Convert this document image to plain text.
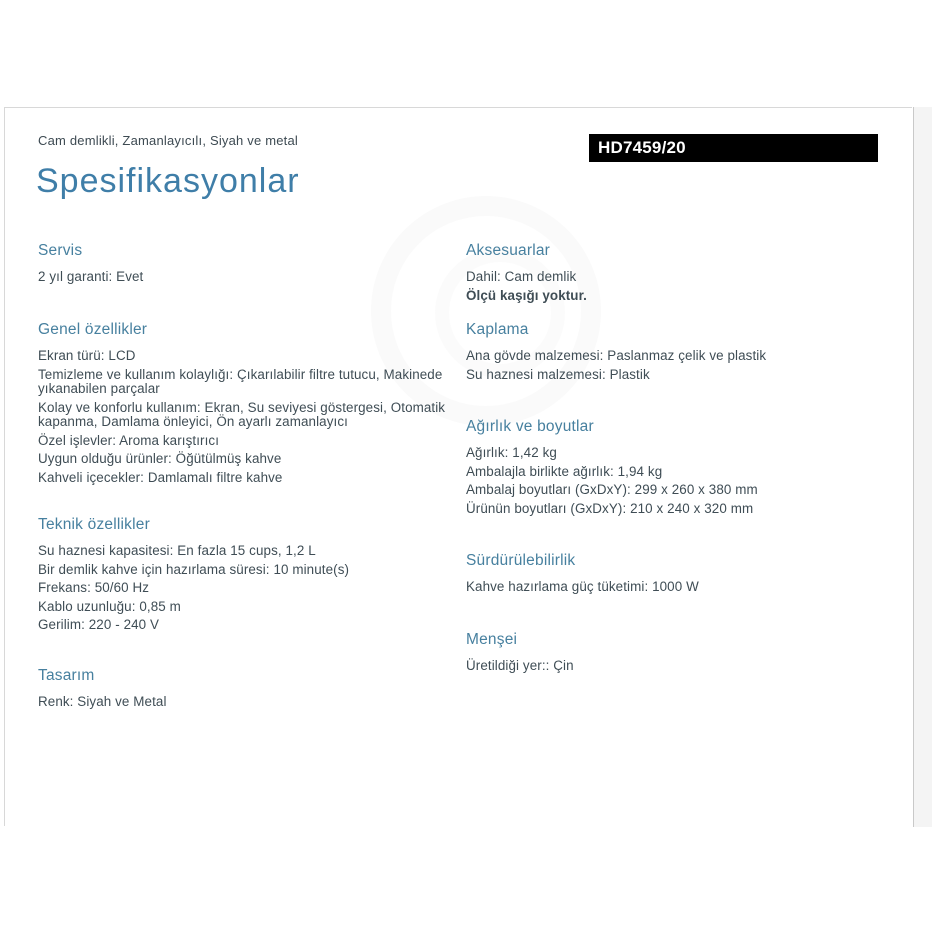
Cam demlikli, Zamanlayıcılı, Siyah ve metal	HD7459/20
Spesifikasyonlar
Servis

2 yıl garanti: Evet

Genel özellikler

Ekran türü: LCD

Temizleme ve kullanım kolaylığı: Çıkarılabilir filtre tutucu, Makinede yıkanabilen parçalar

Kolay ve konforlu kullanım: Ekran, Su seviyesi göstergesi, Otomatik kapanma, Damlama önleyici, Ön ayarlı zamanlayıcı

Özel işlevler: Aroma karıştırıcı

Uygun olduğu ürünler: Öğütülmüş kahve

Kahveli içecekler: Damlamalı filtre kahve

Teknik özellikler

Su haznesi kapasitesi: En fazla 15 cups, 1,2 L

Bir demlik kahve için hazırlama süresi: 10 minute(s)

Frekans: 50/60 Hz

Kablo uzunluğu: 0,85 m

Gerilim: 220 - 240 V

Tasarım

Renk: Siyah ve Metal

Aksesuarlar

Dahil: Cam demlik

Ölçü kaşığı yoktur.

Kaplama

Ana gövde malzemesi: Paslanmaz çelik ve plastik

Su haznesi malzemesi: Plastik

Ağırlık ve boyutlar

Ağırlık: 1,42 kg

Ambalajla birlikte ağırlık: 1,94 kg

Ambalaj boyutları (GxDxY): 299 x 260 x 380 mm

Ürünün boyutları (GxDxY): 210 x 240 x 320 mm

Sürdürülebilirlik

Kahve hazırlama güç tüketimi: 1000 W

Menşei

Üretildiği yer:: Çin
